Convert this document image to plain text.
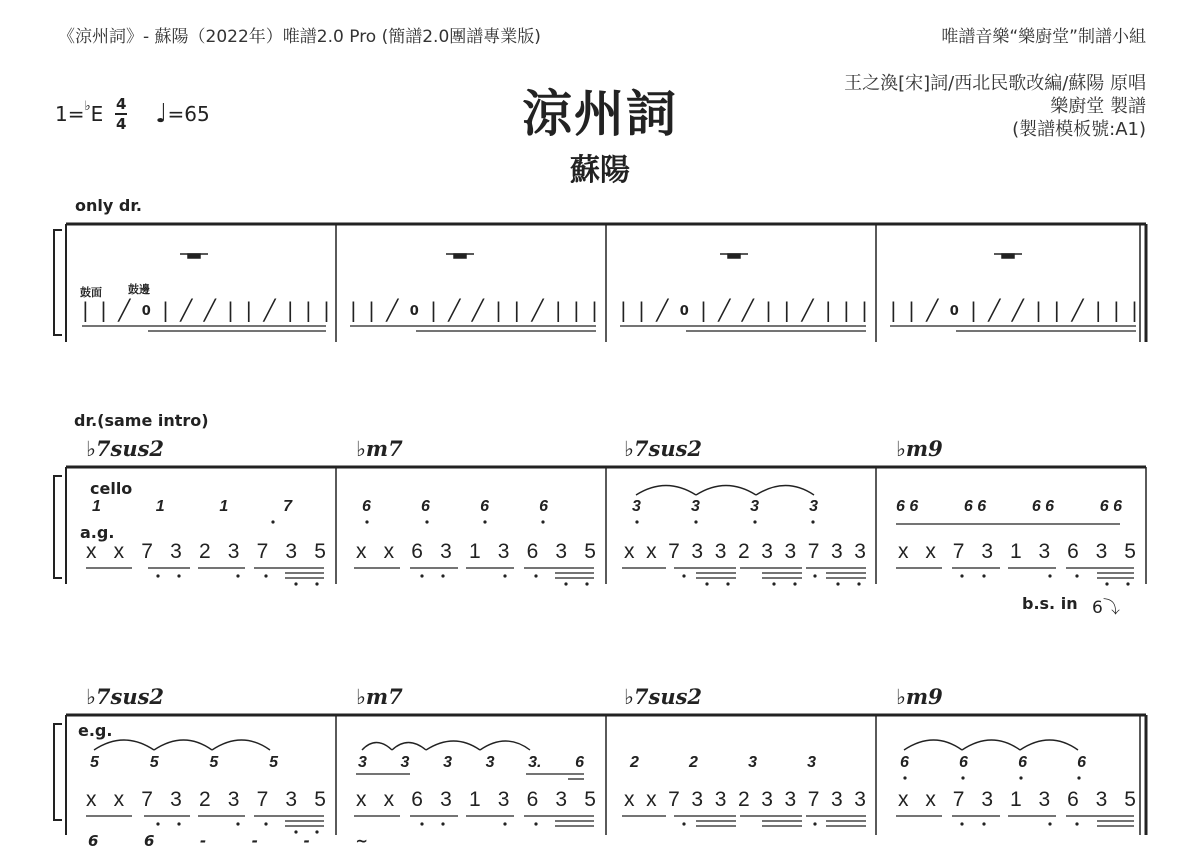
《涼州詞》- 蘇陽（2022年）唯譜2.0 Pro (簡譜2.0團譜專業版)	唯譜音樂“樂廚堂”制譜小組
涼州詞
蘇陽
王之渙[宋]詞/西北民歌改編/蘇陽 原唱
樂廚堂 製譜
(製譜模板號:A1)
1= ♭ E $\frac{4}{4}$ ♩ =65
only dr.
鼓面 鼓邊
| | ╱ 0 | ╱ ╱ | | ╱ | | | | | ╱ 0 | ╱ ╱ | | ╱ | | | | | ╱ 0 | ╱ ╱ | | ╱ | | | | | ╱ 0 | ╱ ╱ | | ╱ | | |
dr.(same intro)
♭7sus2	♭m7	♭7sus2	♭m9
cello
a.g.
1	1	1	7	6	6	6	6	3	3	3	3	6 6	6 6	6 6	6 6
x x 7 3 2 3 7 3 5 x x 6 3 1 3 6 3 5 x x 7 3 3 2 3 3 7 3 3 x x 7 3 1 3 6 3 5
b.s. in 6⤵
♭7sus2	♭m7	♭7sus2	♭m9
e.g.
5	5	5	5	3 3 3 3 3. 6	2	2	3	3	6	6	6	6
x x 7 3 2 3 7 3 5 x x 6 3 1 3 6 3 5 x x 7 3 3 2 3 3 7 3 3 x x 7 3 1 3 6 3 5
6	6	-	-	-	~
